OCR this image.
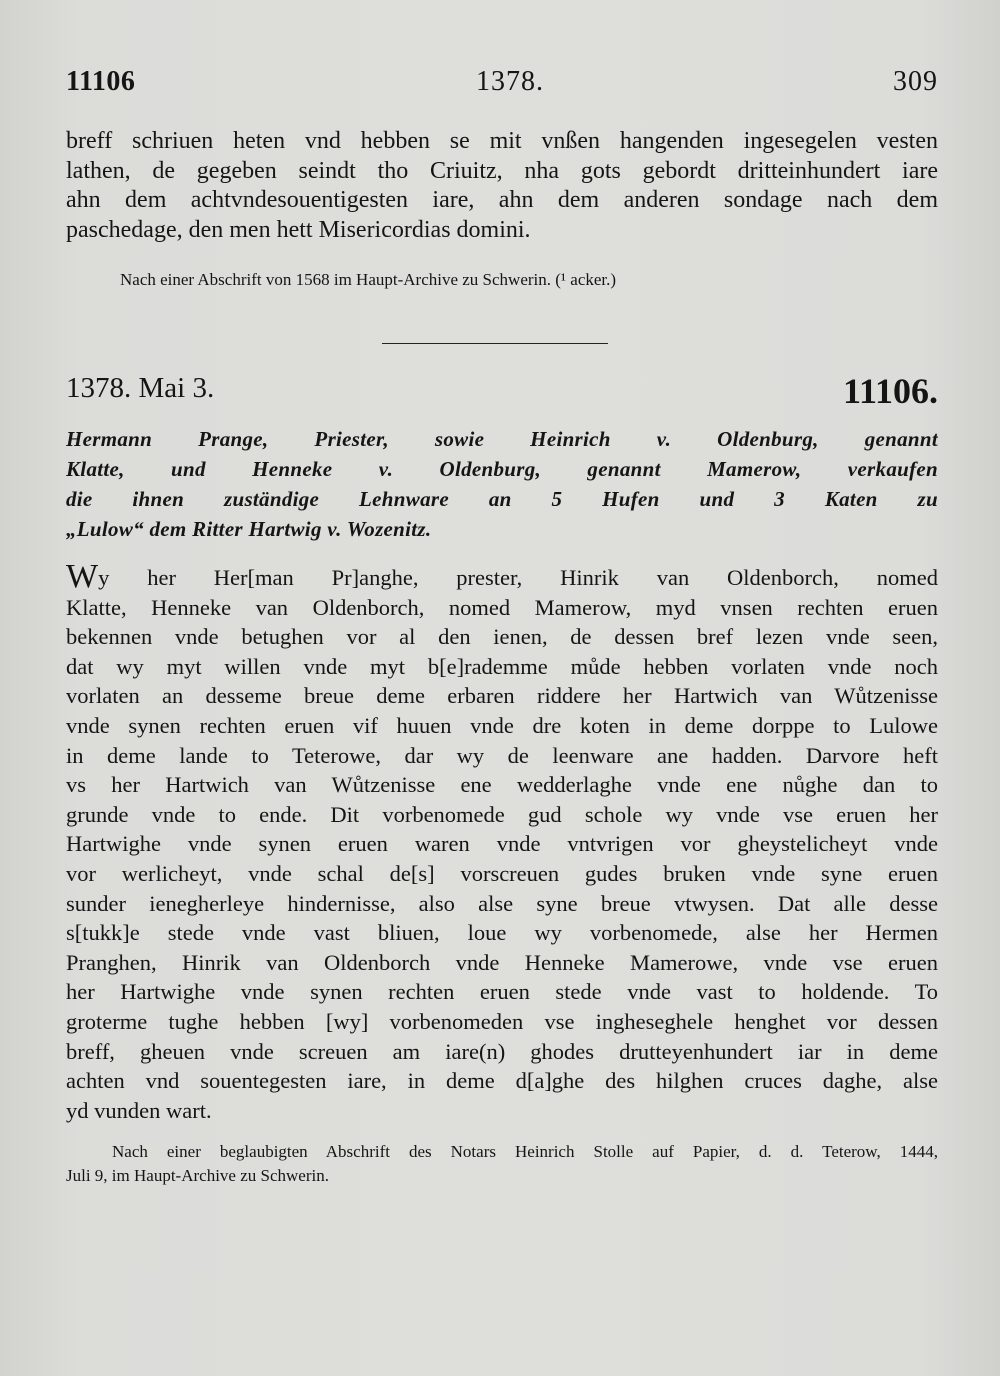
11106	1378.	309
breff schriuen heten vnd hebben se mit vnßen hangenden ingesegelen vesten
lathen, de gegeben seindt tho Criuitz, nha gots gebordt dritteinhundert iare
ahn dem achtvndesouentigesten iare, ahn dem anderen sondage nach dem
paschedage, den men hett Misericordias domini.
Nach einer Abschrift von 1568 im Haupt-Archive zu Schwerin. (¹ acker.)
1378. Mai 3.	11106.
Hermann Prange, Priester, sowie Heinrich v. Oldenburg, genannt
Klatte, und Henneke v. Oldenburg, genannt Mamerow, verkaufen
die ihnen zuständige Lehnware an 5 Hufen und 3 Katen zu
„Lulow“ dem Ritter Hartwig v. Wozenitz.
Wy her Her[man Pr]anghe, prester, Hinrik van Oldenborch, nomed
Klatte, Henneke van Oldenborch, nomed Mamerow, myd vnsen rechten eruen
bekennen vnde betughen vor al den ienen, de dessen bref lezen vnde seen,
dat wy myt willen vnde myt b[e]rademme můde hebben vorlaten vnde noch
vorlaten an desseme breue deme erbaren riddere her Hartwich van Wůtzenisse
vnde synen rechten eruen vif huuen vnde dre koten in deme dorppe to Lulowe
in deme lande to Teterowe, dar wy de leenware ane hadden. Darvore heft
vs her Hartwich van Wůtzenisse ene wedderlaghe vnde ene nůghe dan to
grunde vnde to ende. Dit vorbenomede gud schole wy vnde vse eruen her
Hartwighe vnde synen eruen waren vnde vntvrigen vor gheystelicheyt vnde
vor werlicheyt, vnde schal de[s] vorscreuen gudes bruken vnde syne eruen
sunder ienegherleye hindernisse, also alse syne breue vtwysen. Dat alle desse
s[tukk]e stede vnde vast bliuen, loue wy vorbenomede, alse her Hermen
Pranghen, Hinrik van Oldenborch vnde Henneke Mamerowe, vnde vse eruen
her Hartwighe vnde synen rechten eruen stede vnde vast to holdende. To
groterme tughe hebben [wy] vorbenomeden vse ingheseghele henghet vor dessen
breff, gheuen vnde screuen am iare(n) ghodes drutteyenhundert iar in deme
achten vnd souentegesten iare, in deme d[a]ghe des hilghen cruces daghe, alse
yd vunden wart.
Nach einer beglaubigten Abschrift des Notars Heinrich Stolle auf Papier, d. d. Teterow, 1444,
Juli 9, im Haupt-Archive zu Schwerin.
